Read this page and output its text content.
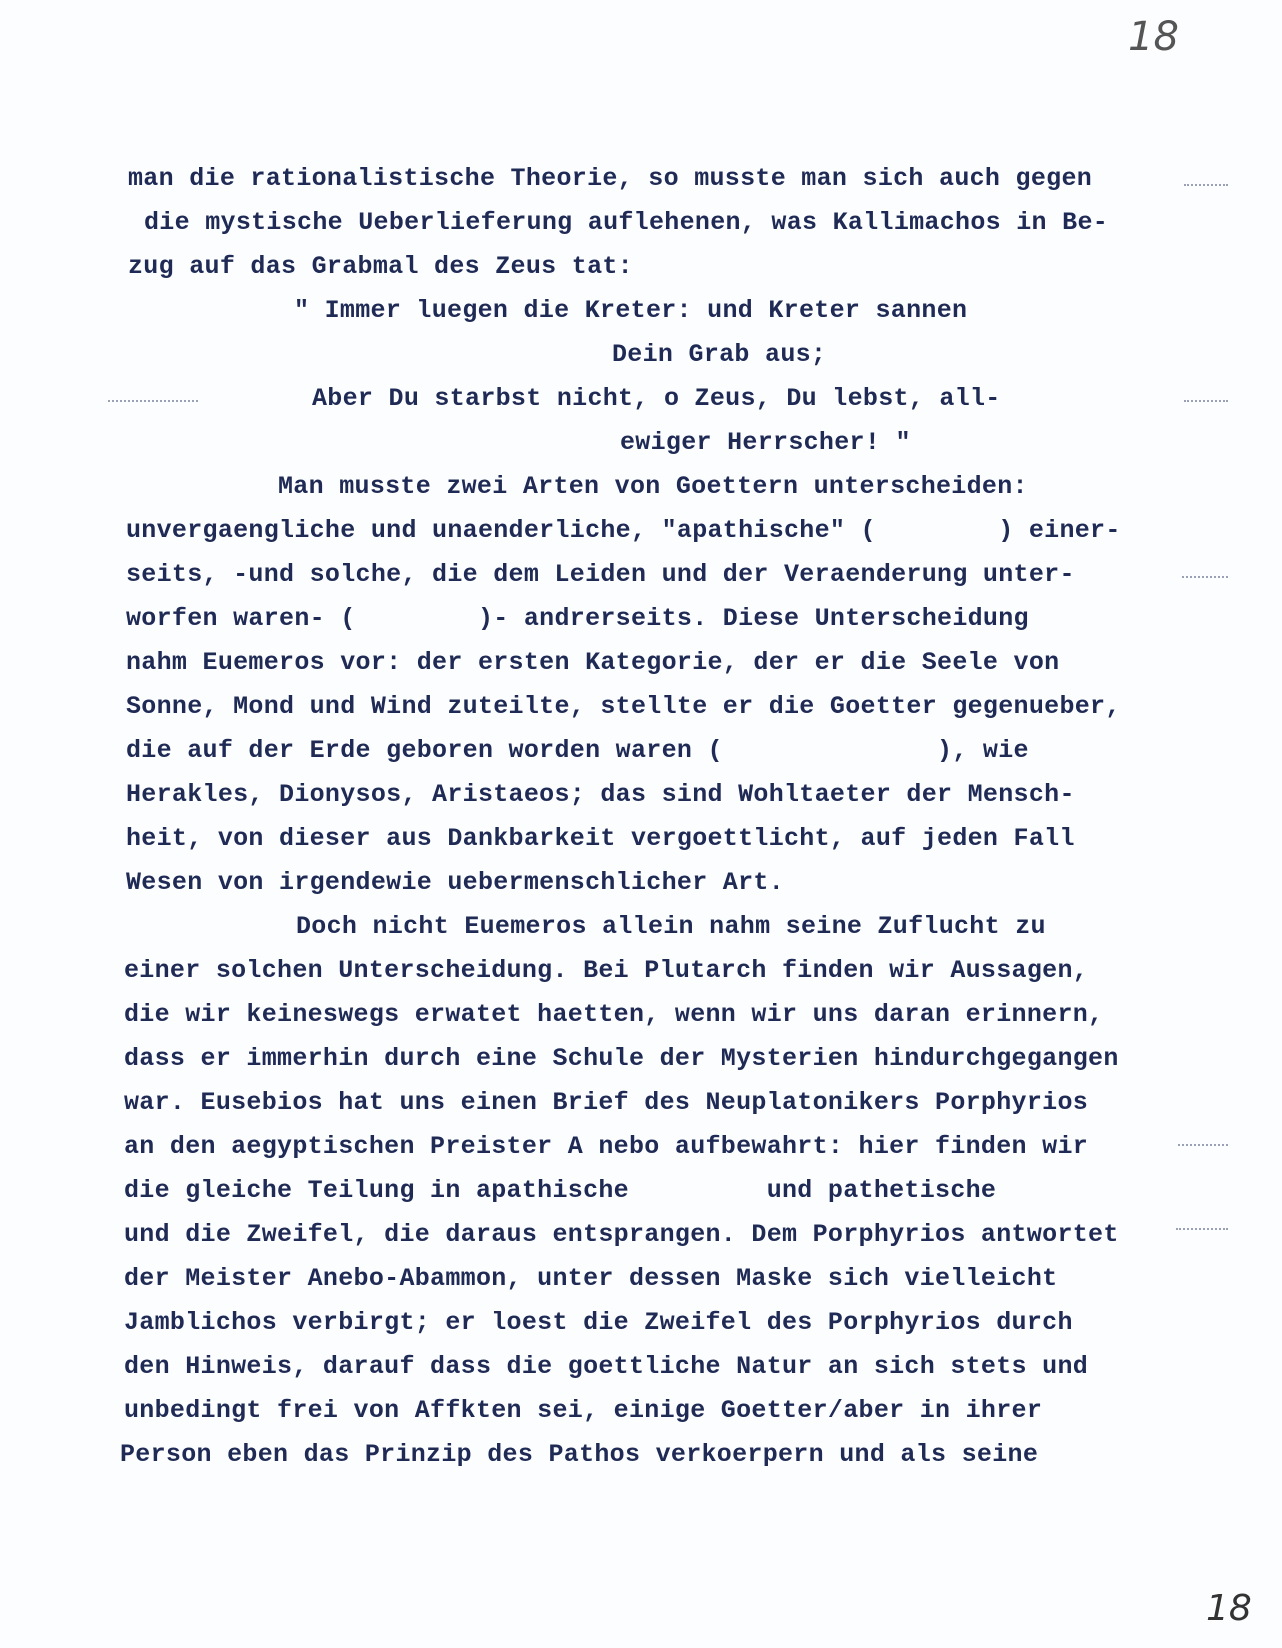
18
man die rationalistische Theorie, so musste man sich auch gegen
die mystische Ueberlieferung auflehenen, was Kallimachos in Be-
zug auf das Grabmal des Zeus tat:
" Immer luegen die Kreter: und Kreter sannen
Dein Grab aus;
Aber Du starbst nicht, o Zeus, Du lebst, all-
ewiger Herrscher! "
Man musste zwei Arten von Goettern unterscheiden:
unvergaengliche und unaenderliche, "apathische" (        ) einer-
seits, -und solche, die dem Leiden und der Veraenderung unter-
worfen waren- (        )- andrerseits. Diese Unterscheidung
nahm Euemeros vor: der ersten Kategorie, der er die Seele von
Sonne, Mond und Wind zuteilte, stellte er die Goetter gegenueber,
die auf der Erde geboren worden waren (              ), wie
Herakles, Dionysos, Aristaeos; das sind Wohltaeter der Mensch-
heit, von dieser aus Dankbarkeit vergoettlicht, auf jeden Fall
Wesen von irgendewie uebermenschlicher Art.
Doch nicht Euemeros allein nahm seine Zuflucht zu
einer solchen Unterscheidung. Bei Plutarch finden wir Aussagen,
die wir keineswegs erwatet haetten, wenn wir uns daran erinnern,
dass er immerhin durch eine Schule der Mysterien hindurchgegangen
war. Eusebios hat uns einen Brief des Neuplatonikers Porphyrios
an den aegyptischen Preister A nebo aufbewahrt: hier finden wir
die gleiche Teilung in apathische         und pathetische
und die Zweifel, die daraus entsprangen. Dem Porphyrios antwortet
der Meister Anebo-Abammon, unter dessen Maske sich vielleicht
Jamblichos verbirgt; er loest die Zweifel des Porphyrios durch
den Hinweis, darauf dass die goettliche Natur an sich stets und
unbedingt frei von Affkten sei, einige Goetter/aber in ihrer
Person eben das Prinzip des Pathos verkoerpern und als seine
18
